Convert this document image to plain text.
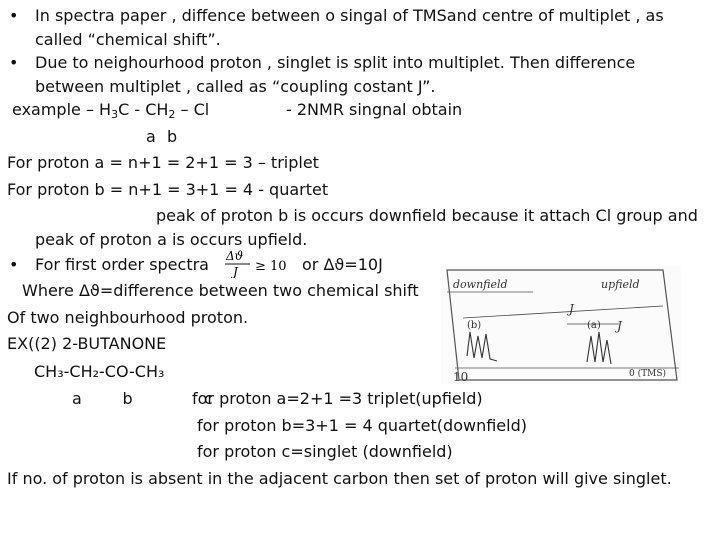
• In spectra paper , diffence between o singal of TMSand centre of multiplet , as
called “chemical shift”.
• Due to neighourhood proton , singlet is split into multiplet. Then difference
between multiplet , called as “coupling costant J”.
example – $H_3C - CH_2$ – Cl	- 2NMR singnal obtain
a b
For proton a = n+1 = 2+1 = 3 – triplet
For proton b = n+1 = 3+1 = 4 - quartet
peak of proton b is occurs downfield because it attach Cl group and
peak of proton a is occurs upfield.
• For first order spectra Δϑ
J ≥ 10 or Δϑ=10J
Where Δϑ=difference between two chemical shift
Of two neighbourhood proton.
EX((2) 2-BUTANONE
downfield	upfield
J
J
(b)	(a)
10	0 (TMS)
CH₃-CH₂-CO-CH₃
a        b              c
for proton a=2+1 =3 triplet(upfield)
for proton b=3+1 = 4 quartet(downfield)
for proton c=singlet (downfield)
If no. of proton is absent in the adjacent carbon then set of proton will give singlet.
